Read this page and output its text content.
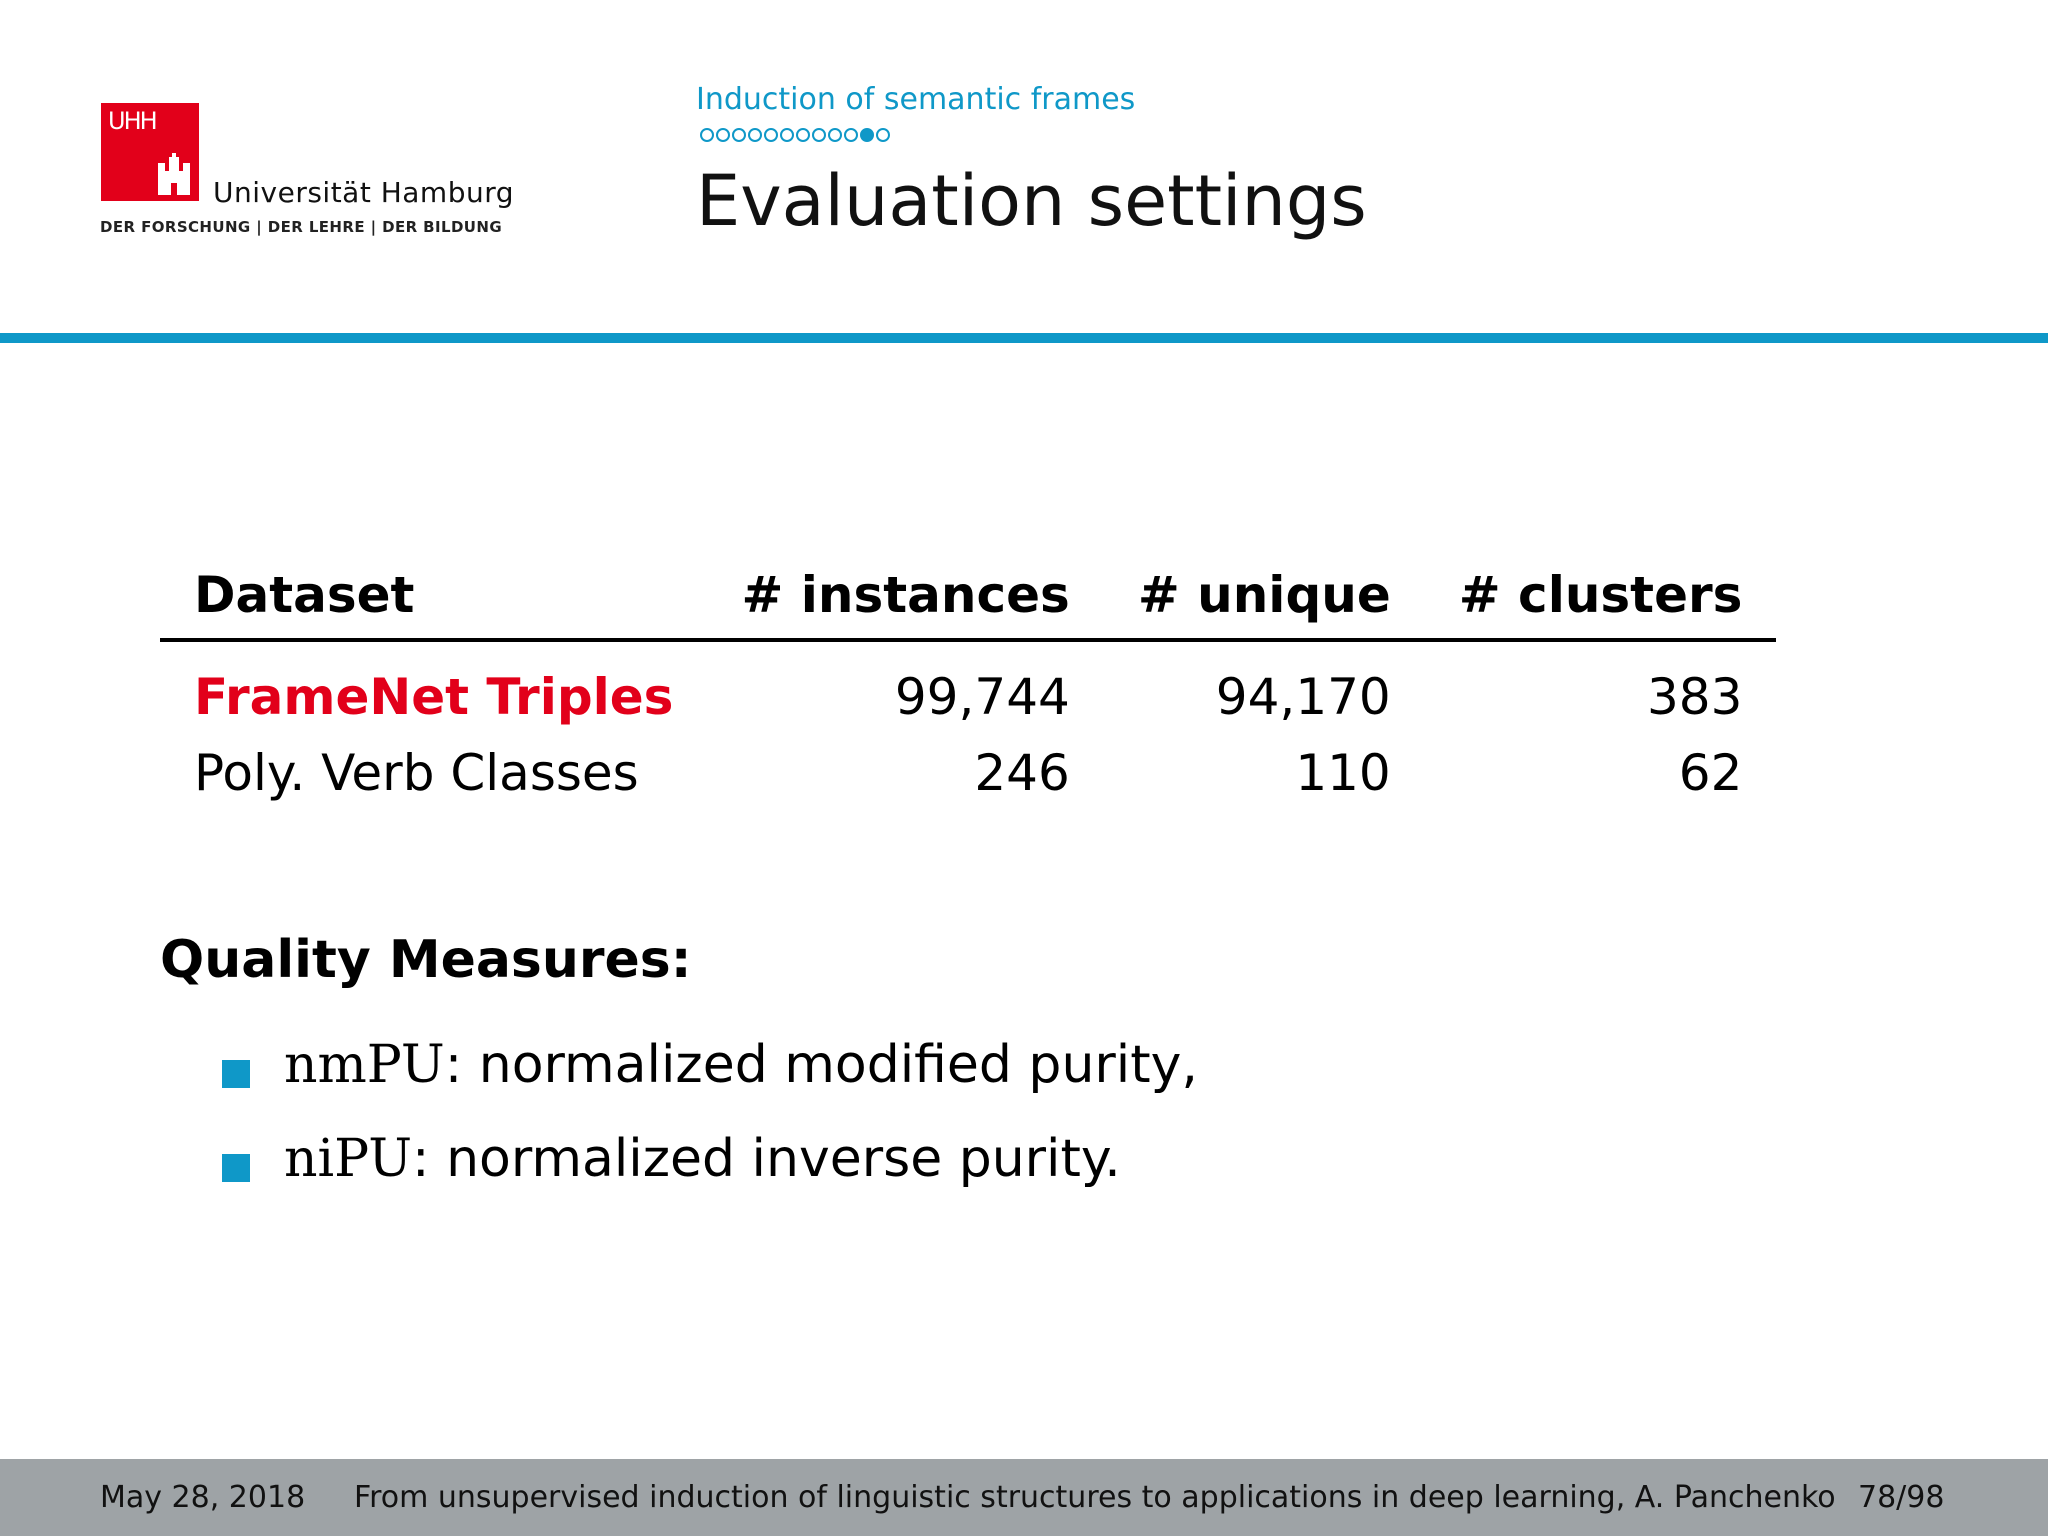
UHH
Universität Hamburg
DER FORSCHUNG | DER LEHRE | DER BILDUNG
Induction of semantic frames
Evaluation settings
Dataset	# instances	# unique	# clusters
FrameNet Triples	99,744	94,170	383
Poly. Verb Classes	246	110	62
Quality Measures:
nmPU: normalized modified purity,
niPU: normalized inverse purity.
May 28, 2018 From unsupervised induction of linguistic structures to applications in deep learning, A. Panchenko 78/98
